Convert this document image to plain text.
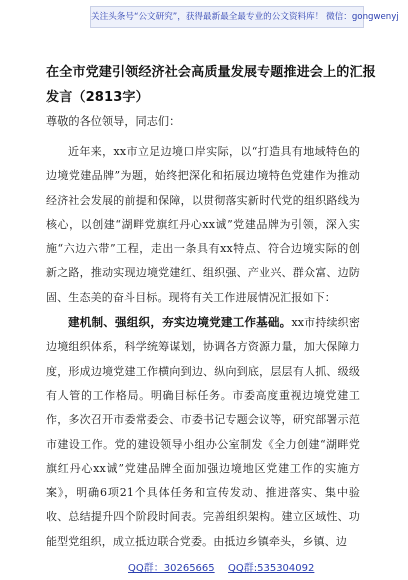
关注头条号“公文研究”，获得最新最全最专业的公文资料库！ 微信：gongwenyj
在全市党建引领经济社会高质量发展专题推进会上的汇报发言（2813字）
尊敬的各位领导，同志们：

近年来，xx市立足边境口岸实际，以“打造具有地域特色的边境党建品牌”为题，始终把深化和拓展边境特色党建作为推动经济社会发展的前提和保障，以贯彻落实新时代党的组织路线为核心，以创建“湖畔党旗红丹心xx诚”党建品牌为引领，深入实施“六边六带”工程，走出一条具有xx特点、符合边境实际的创新之路，推动实现边境党建红、组织强、产业兴、群众富、边防固、生态美的奋斗目标。现将有关工作进展情况汇报如下：

建机制、强组织，夯实边境党建工作基础。xx市持续织密边境组织体系，科学统筹谋划，协调各方资源力量，加大保障力度，形成边境党建工作横向到边、纵向到底，层层有人抓、级级有人管的工作格局。明确目标任务。市委高度重视边境党建工作，多次召开市委常委会、市委书记专题会议等，研究部署示范市建设工作。党的建设领导小组办公室制发《全力创建“湖畔党旗红丹心xx诚”党建品牌全面加强边境地区党建工作的实施方案》，明确6项21个具体任务和宣传发动、推进落实、集中验收、总结提升四个阶段时间表。完善组织架构。建立区域性、功能型党组织，成立抵边联合党委。由抵边乡镇牵头，乡镇、边

QQ群：30265665 QQ群:535304092
